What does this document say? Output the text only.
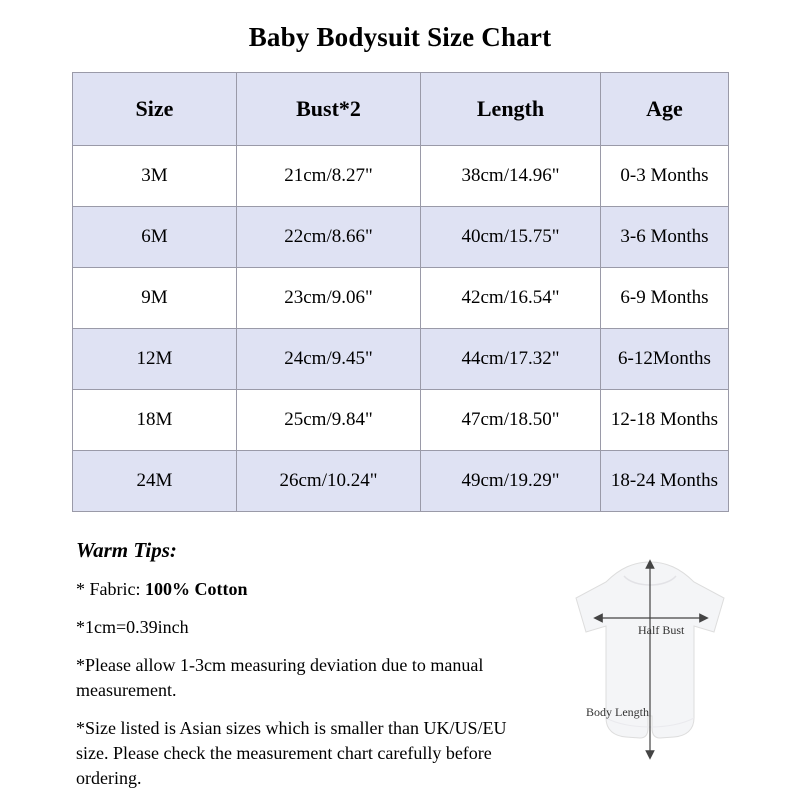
Baby Bodysuit Size Chart
Size	Bust*2	Length	Age
3M	21cm/8.27"	38cm/14.96"	0-3 Months
6M	22cm/8.66"	40cm/15.75"	3-6 Months
9M	23cm/9.06"	42cm/16.54"	6-9 Months
12M	24cm/9.45"	44cm/17.32"	6-12Months
18M	25cm/9.84"	47cm/18.50"	12-18 Months
24M	26cm/10.24"	49cm/19.29"	18-24 Months
Warm Tips:

* Fabric: 100% Cotton

*1cm=0.39inch

*Please allow 1-3cm measuring deviation due to manual measurement.

*Size listed is Asian sizes which is smaller than UK/US/EU size. Please check the measurement chart carefully before ordering.

Half Bust
Body Length
